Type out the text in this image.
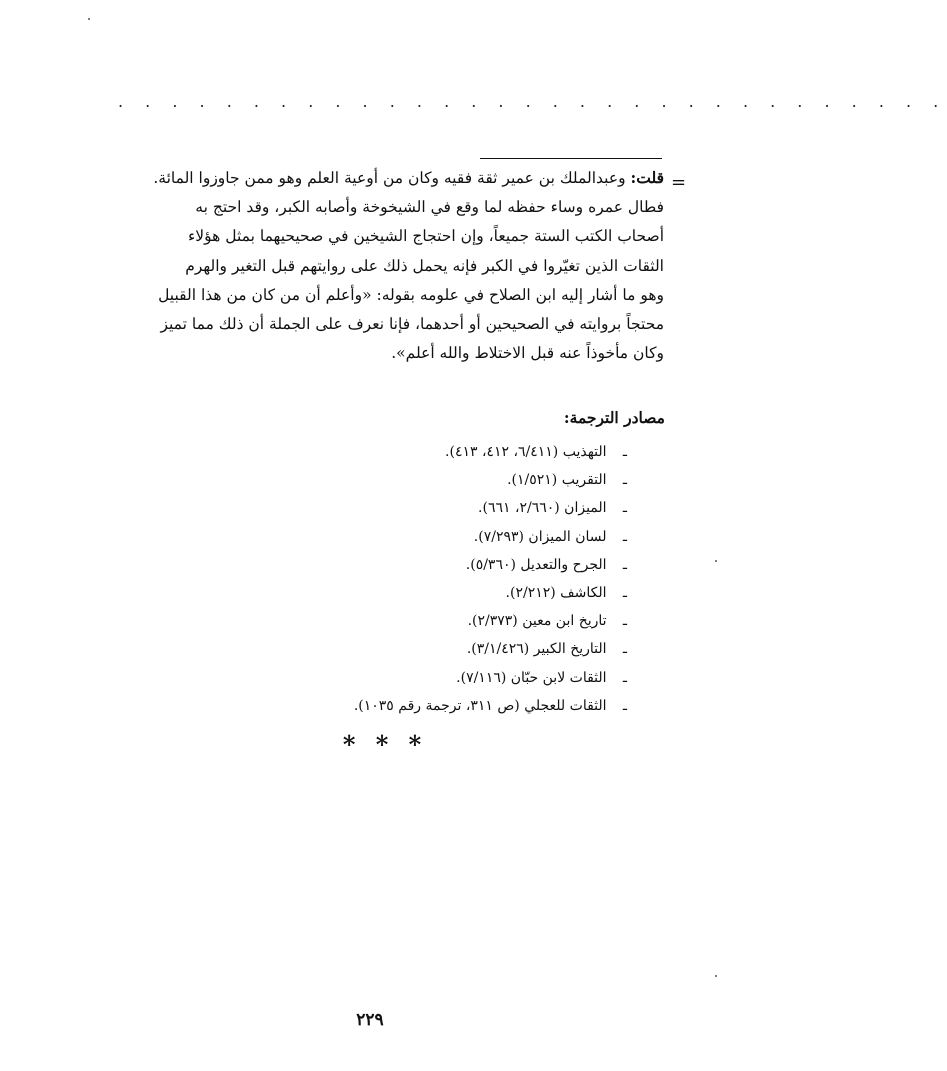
. . . . . . . . . . . . . . . . . . . . . . . . . . . . . . .
=
قلت: وعبدالملك بن عمير ثقة فقيه وكان من أوعية العلم وهو ممن جاوزوا المائة.
فطال عمره وساء حفظه لما وقع في الشيخوخة وأصابه الكبر، وقد احتج به
أصحاب الكتب الستة جميعاً، وإن احتجاج الشيخين في صحيحيهما بمثل هؤلاء
الثقات الذين تغيّروا في الكبر فإنه يحمل ذلك على روايتهم قبل التغير والهرم
وهو ما أشار إليه ابن الصلاح في علومه بقوله: «وأعلم أن من كان من هذا القبيل
محتجاً بروايته في الصحيحين أو أحدهما، فإنا نعرف على الجملة أن ذلك مما تميز
وكان مأخوذاً عنه قبل الاختلاط والله أعلم».
مصادر الترجمة:
ـ التهذيب (٦/٤١١، ٤١٢، ٤١٣).
ـ التقريب (١/٥٢١).
ـ الميزان (٢/٦٦٠، ٦٦١).
ـ لسان الميزان (٧/٢٩٣).
ـ الجرح والتعديل (٥/٣٦٠).
ـ الكاشف (٢/٢١٢).
ـ تاريخ ابن معين (٢/٣٧٣).
ـ التاريخ الكبير (٣/١/٤٢٦).
ـ الثقات لابن حبّان (٧/١١٦).
ـ الثقات للعجلي (ص ٣١١، ترجمة رقم ١٠٣٥).
* * *
٢٢٩
